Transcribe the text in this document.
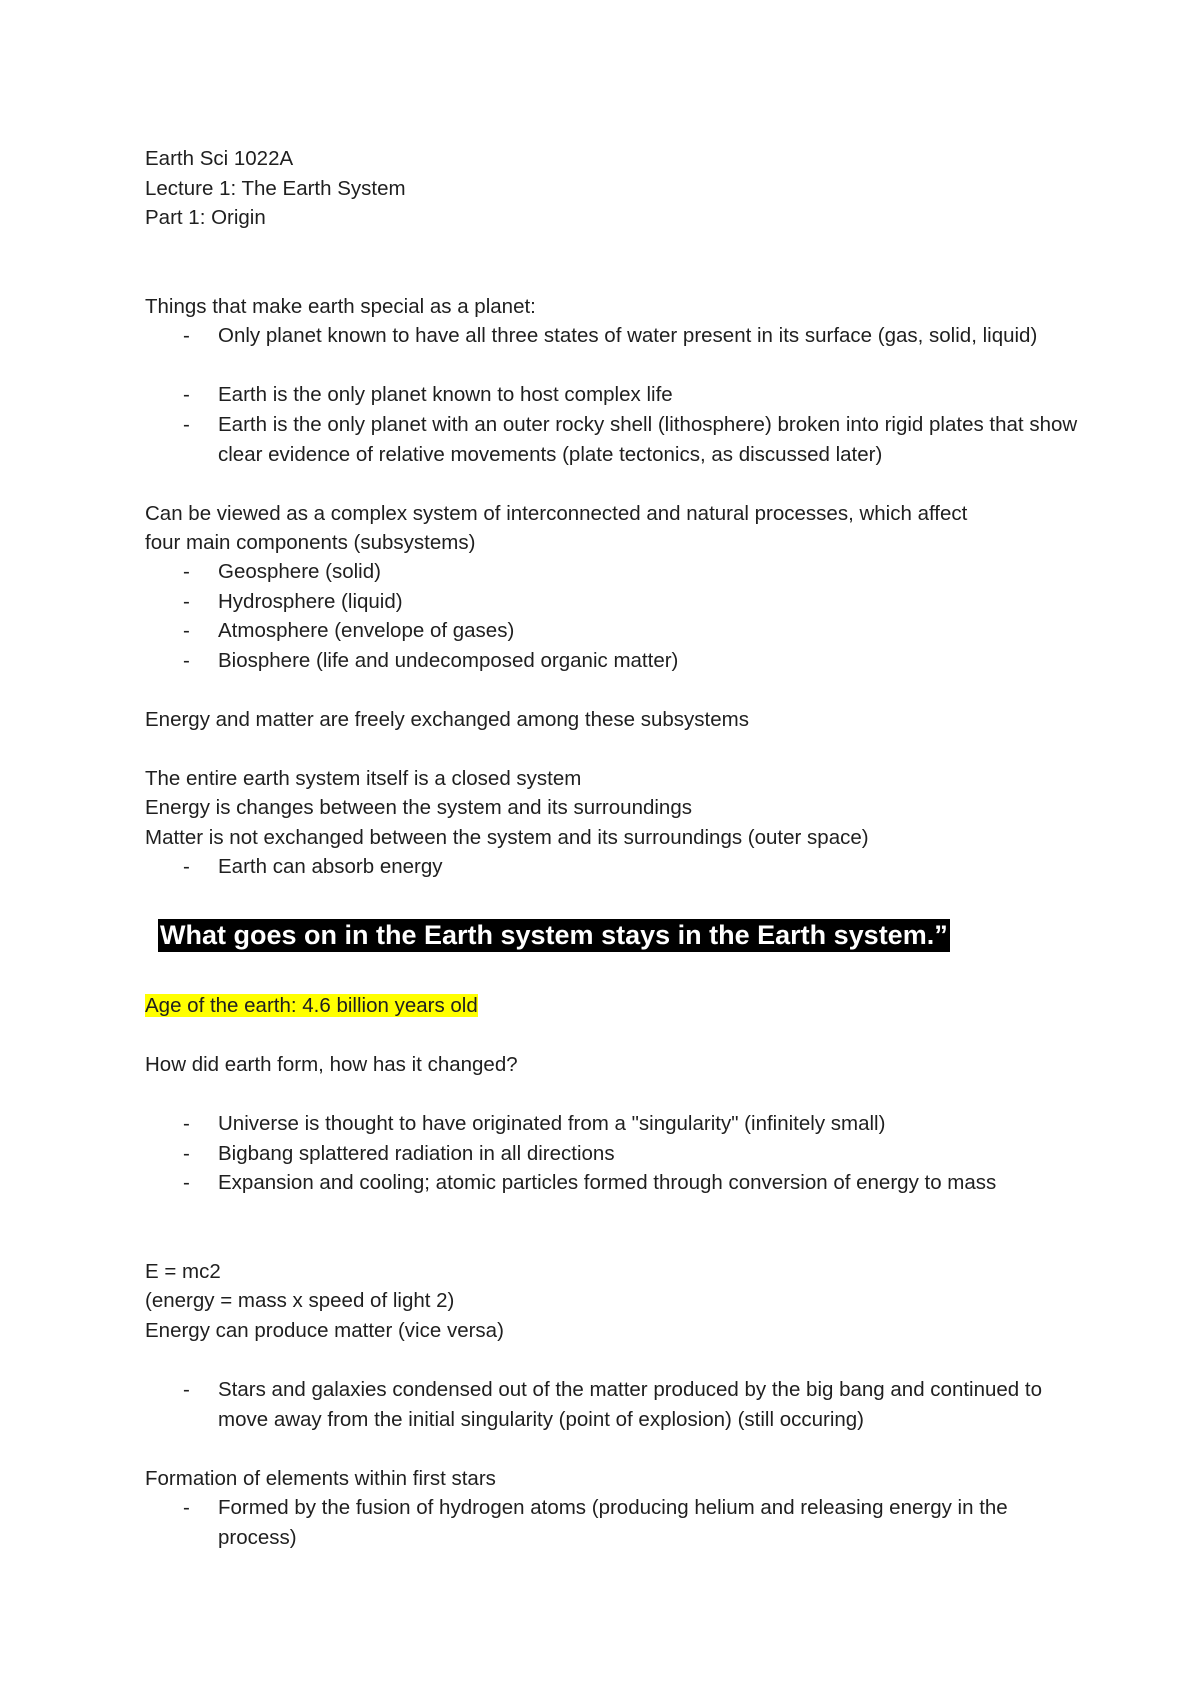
Earth Sci 1022A
Lecture 1: The Earth System
Part 1: Origin
Things that make earth special as a planet:
-	Only planet known to have all three states of water present in its surface (gas, solid, liquid)
-	Earth is the only planet known to host complex life
-	Earth is the only planet with an outer rocky shell (lithosphere) broken into rigid plates that show clear evidence of relative movements (plate tectonics, as discussed later)
Can be viewed as a complex system of interconnected and natural processes, which affect
four main components (subsystems)
-	Geosphere (solid)
-	Hydrosphere (liquid)
-	Atmosphere (envelope of gases)
-	Biosphere (life and undecomposed organic matter)
Energy and matter are freely exchanged among these subsystems
The entire earth system itself is a closed system
Energy is changes between the system and its surroundings
Matter is not exchanged between the system and its surroundings (outer space)
-	Earth can absorb energy
What goes on in the Earth system stays in the Earth system.”
Age of the earth: 4.6 billion years old
How did earth form, how has it changed?
-	Universe is thought to have originated from a "singularity" (infinitely small)
-	Bigbang splattered radiation in all directions
-	Expansion and cooling; atomic particles formed through conversion of energy to mass
E = mc2
(energy = mass x speed of light 2)
Energy can produce matter (vice versa)
-	Stars and galaxies condensed out of the matter produced by the big bang and continued to move away from the initial singularity (point of explosion) (still occuring)
Formation of elements within first stars
-	Formed by the fusion of hydrogen atoms (producing helium and releasing energy in the process)
